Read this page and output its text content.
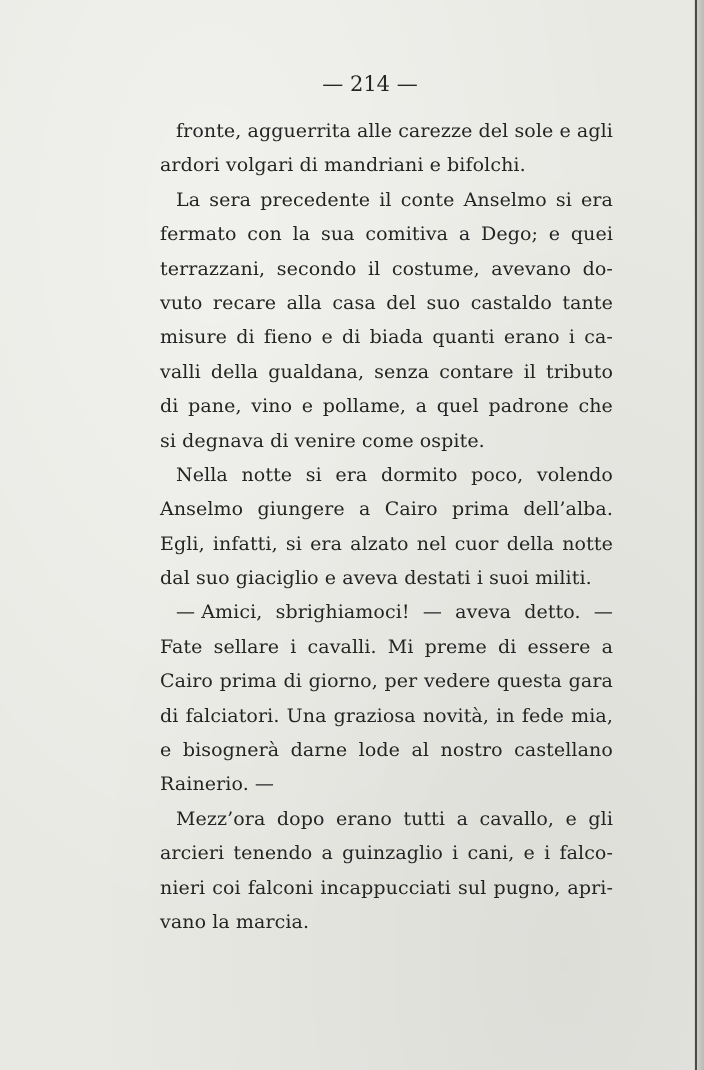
— 214 —

fronte, agguerrita alle carezze del sole e agli
ardori volgari di mandriani e bifolchi.
La sera precedente il conte Anselmo si era
fermato con la sua comitiva a Dego; e quei
terrazzani, secondo il costume, avevano do-
vuto recare alla casa del suo castaldo tante
misure di fieno e di biada quanti erano i ca-
valli della gualdana, senza contare il tributo
di pane, vino e pollame, a quel padrone che
si degnava di venire come ospite.
Nella notte si era dormito poco, volendo
Anselmo giungere a Cairo prima dell’alba.
Egli, infatti, si era alzato nel cuor della notte
dal suo giaciglio e aveva destati i suoi militi.
— Amici, sbrighiamoci! — aveva detto. —
Fate sellare i cavalli. Mi preme di essere a
Cairo prima di giorno, per vedere questa gara
di falciatori. Una graziosa novità, in fede mia,
e bisognerà darne lode al nostro castellano
Rainerio. —
Mezz’ora dopo erano tutti a cavallo, e gli
arcieri tenendo a guinzaglio i cani, e i falco-
nieri coi falconi incappucciati sul pugno, apri-
vano la marcia.
